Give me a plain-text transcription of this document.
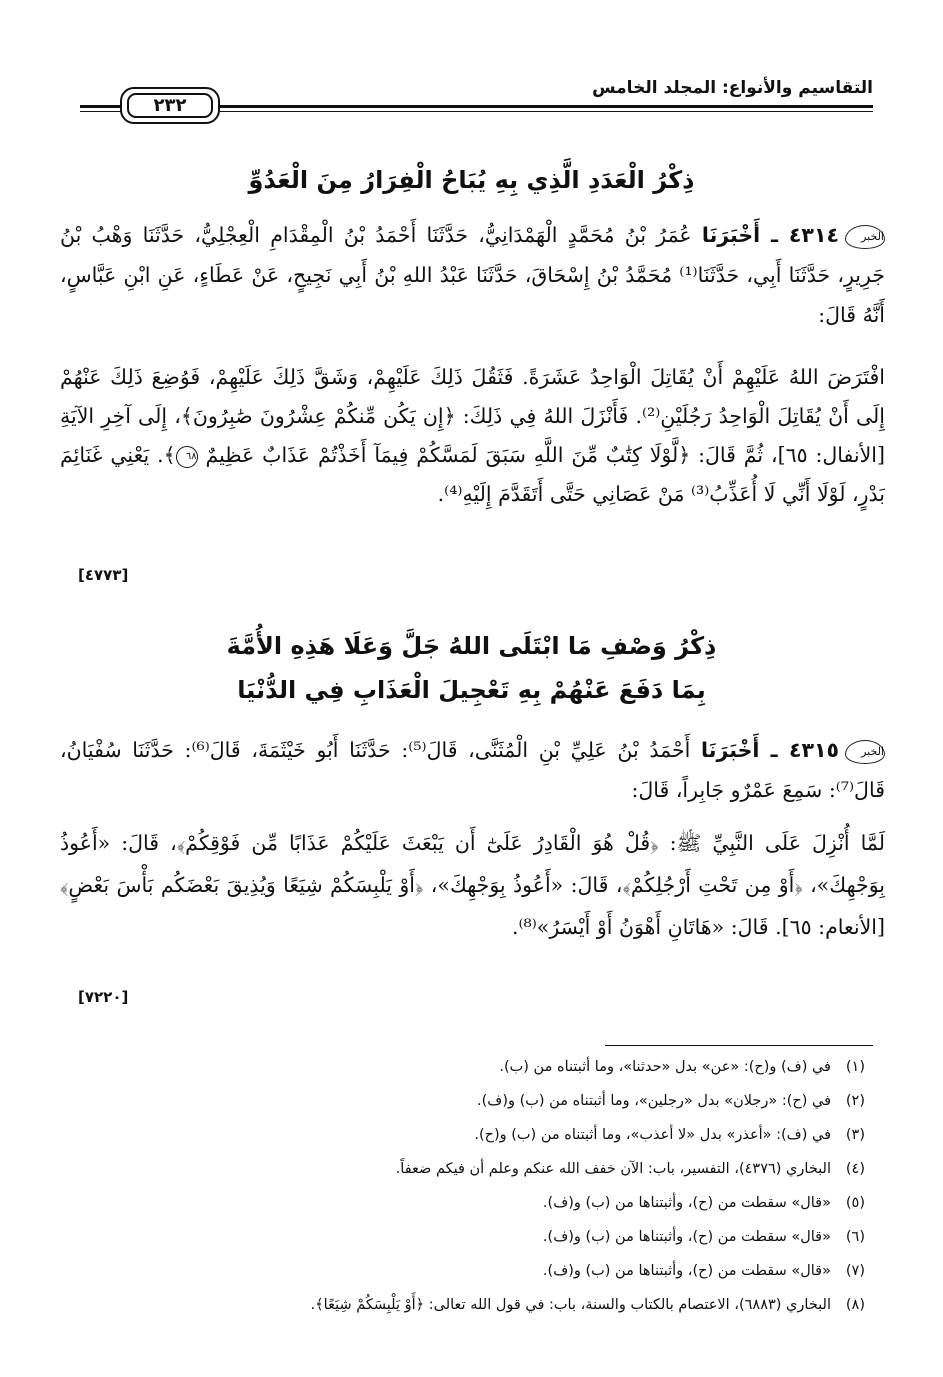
التقاسيم والأنواع: المجلد الخامس
٢٣٢
ذِكْرُ الْعَدَدِ الَّذِي بِهِ يُبَاحُ الْفِرَارُ مِنَ الْعَدُوِّ
الخبر٤٣١٤ ـ أَخْبَرَنَا عُمَرُ بْنُ مُحَمَّدٍ الْهَمْدَانِيُّ، حَدَّثَنَا أَحْمَدُ بْنُ الْمِقْدَامِ الْعِجْلِيُّ، حَدَّثَنَا وَهْبُ بْنُ جَرِيرٍ، حَدَّثَنَا أَبِي، حَدَّثَنَا⁽¹⁾ مُحَمَّدُ بْنُ إِسْحَاقَ، حَدَّثَنَا عَبْدُ اللهِ بْنُ أَبِي نَجِيحٍ، عَنْ عَطَاءٍ، عَنِ ابْنِ عَبَّاسٍ، أَنَّهُ قَالَ:
افْتَرَضَ اللهُ عَلَيْهِمْ أَنْ يُقَاتِلَ الْوَاحِدُ عَشَرَةً. فَثَقُلَ ذَلِكَ عَلَيْهِمْ، وَشَقَّ ذَلِكَ عَلَيْهِمْ، فَوُضِعَ ذَلِكَ عَنْهُمْ إِلَى أَنْ يُقَاتِلَ الْوَاحِدُ رَجُلَيْنِ⁽²⁾. فَأَنْزَلَ اللهُ فِي ذَلِكَ: ﴿إِن يَكُن مِّنكُمْ عِشْرُونَ صَٰبِرُونَ﴾، إِلَى آخِرِ الآيَةِ [الأنفال: ٦٥]، ثُمَّ قَالَ: ﴿لَّوْلَا كِتَٰبٌ مِّنَ اللَّهِ سَبَقَ لَمَسَّكُمْ فِيمَآ أَخَذْتُمْ عَذَابٌ عَظِيمٌ ٦٨﴾. يَعْنِي غَنَائِمَ بَدْرٍ، لَوْلَا أَنِّي لَا أُعَذِّبُ⁽³⁾ مَنْ عَصَانِي حَتَّى أَتَقَدَّمَ إِلَيْهِ⁽⁴⁾.
[٤٧٧٣]
ذِكْرُ وَصْفِ مَا ابْتَلَى اللهُ جَلَّ وَعَلَا هَذِهِ الأُمَّةَ
بِمَا دَفَعَ عَنْهُمْ بِهِ تَعْجِيلَ الْعَذَابِ فِي الدُّنْيَا
الخبر٤٣١٥ ـ أَخْبَرَنَا أَحْمَدُ بْنُ عَلِيِّ بْنِ الْمُثَنَّى، قَالَ⁽⁵⁾: حَدَّثَنَا أَبُو خَيْثَمَةَ، قَالَ⁽⁶⁾: حَدَّثَنَا سُفْيَانُ، قَالَ⁽⁷⁾: سَمِعَ عَمْرٌو جَابِراً، قَالَ:
لَمَّا أُنْزِلَ عَلَى النَّبِيِّ ﷺ: ﴿قُلْ هُوَ الْقَادِرُ عَلَىٰٓ أَن يَبْعَثَ عَلَيْكُمْ عَذَابًا مِّن فَوْقِكُمْ﴾، قَالَ: «أَعُوذُ بِوَجْهِكَ»، ﴿أَوْ مِن تَحْتِ أَرْجُلِكُمْ﴾، قَالَ: «أَعُوذُ بِوَجْهِكَ»، ﴿أَوْ يَلْبِسَكُمْ شِيَعًا وَيُذِيقَ بَعْضَكُم بَأْسَ بَعْضٍ﴾ [الأنعام: ٦٥]. قَالَ: «هَاتَانِ أَهْوَنُ أَوْ أَيْسَرُ»⁽⁸⁾.
[٧٢٢٠]
(١)في (ف) و(ح): «عن» بدل «حدثنا»، وما أثبتناه من (ب).
(٢)في (ح): «رجلان» بدل «رجلين»، وما أثبتناه من (ب) و(ف).
(٣)في (ف): «أعذر» بدل «لا أعذب»، وما أثبتناه من (ب) و(ح).
(٤)البخاري (٤٣٧٦)، التفسير، باب: الآن خفف الله عنكم وعلم أن فيكم ضعفاً.
(٥)«قال» سقطت من (ح)، وأثبتناها من (ب) و(ف).
(٦)«قال» سقطت من (ح)، وأثبتناها من (ب) و(ف).
(٧)«قال» سقطت من (ح)، وأثبتناها من (ب) و(ف).
(٨)البخاري (٦٨٨٣)، الاعتصام بالكتاب والسنة، باب: في قول الله تعالى: ﴿أَوْ يَلْبِسَكُمْ شِيَعًا﴾.
